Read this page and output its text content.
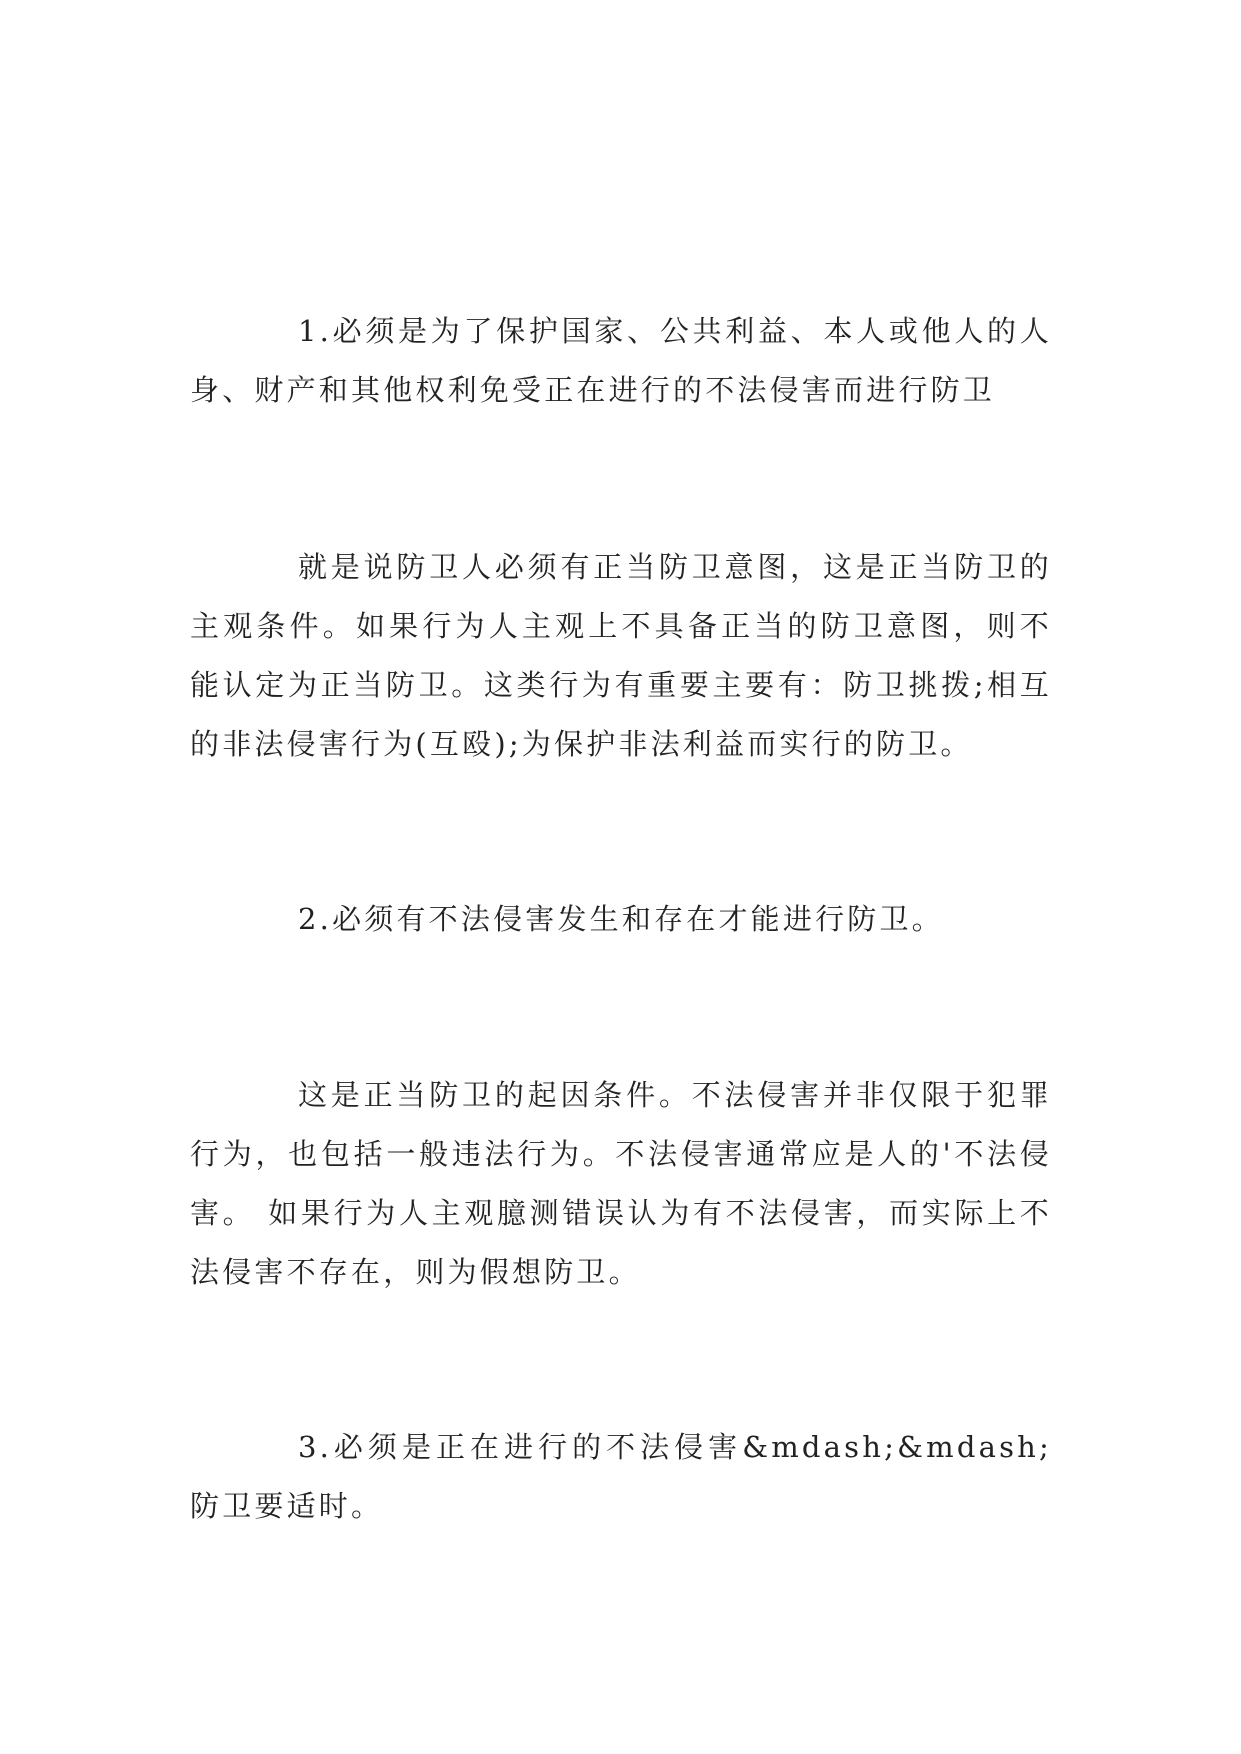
1.必须是为了保护国家、公共利益、本人或他人的人身、财产和其他权利免受正在进行的不法侵害而进行防卫

就是说防卫人必须有正当防卫意图，这是正当防卫的主观条件。如果行为人主观上不具备正当的防卫意图，则不能认定为正当防卫。这类行为有重要主要有：防卫挑拨;相互的非法侵害行为(互殴);为保护非法利益而实行的防卫。

2.必须有不法侵害发生和存在才能进行防卫。

这是正当防卫的起因条件。不法侵害并非仅限于犯罪行为，也包括一般违法行为。不法侵害通常应是人的'不法侵害。 如果行为人主观臆测错误认为有不法侵害，而实际上不法侵害不存在，则为假想防卫。

3.必须是正在进行的不法侵害&mdash;&mdash;防卫要适时。
